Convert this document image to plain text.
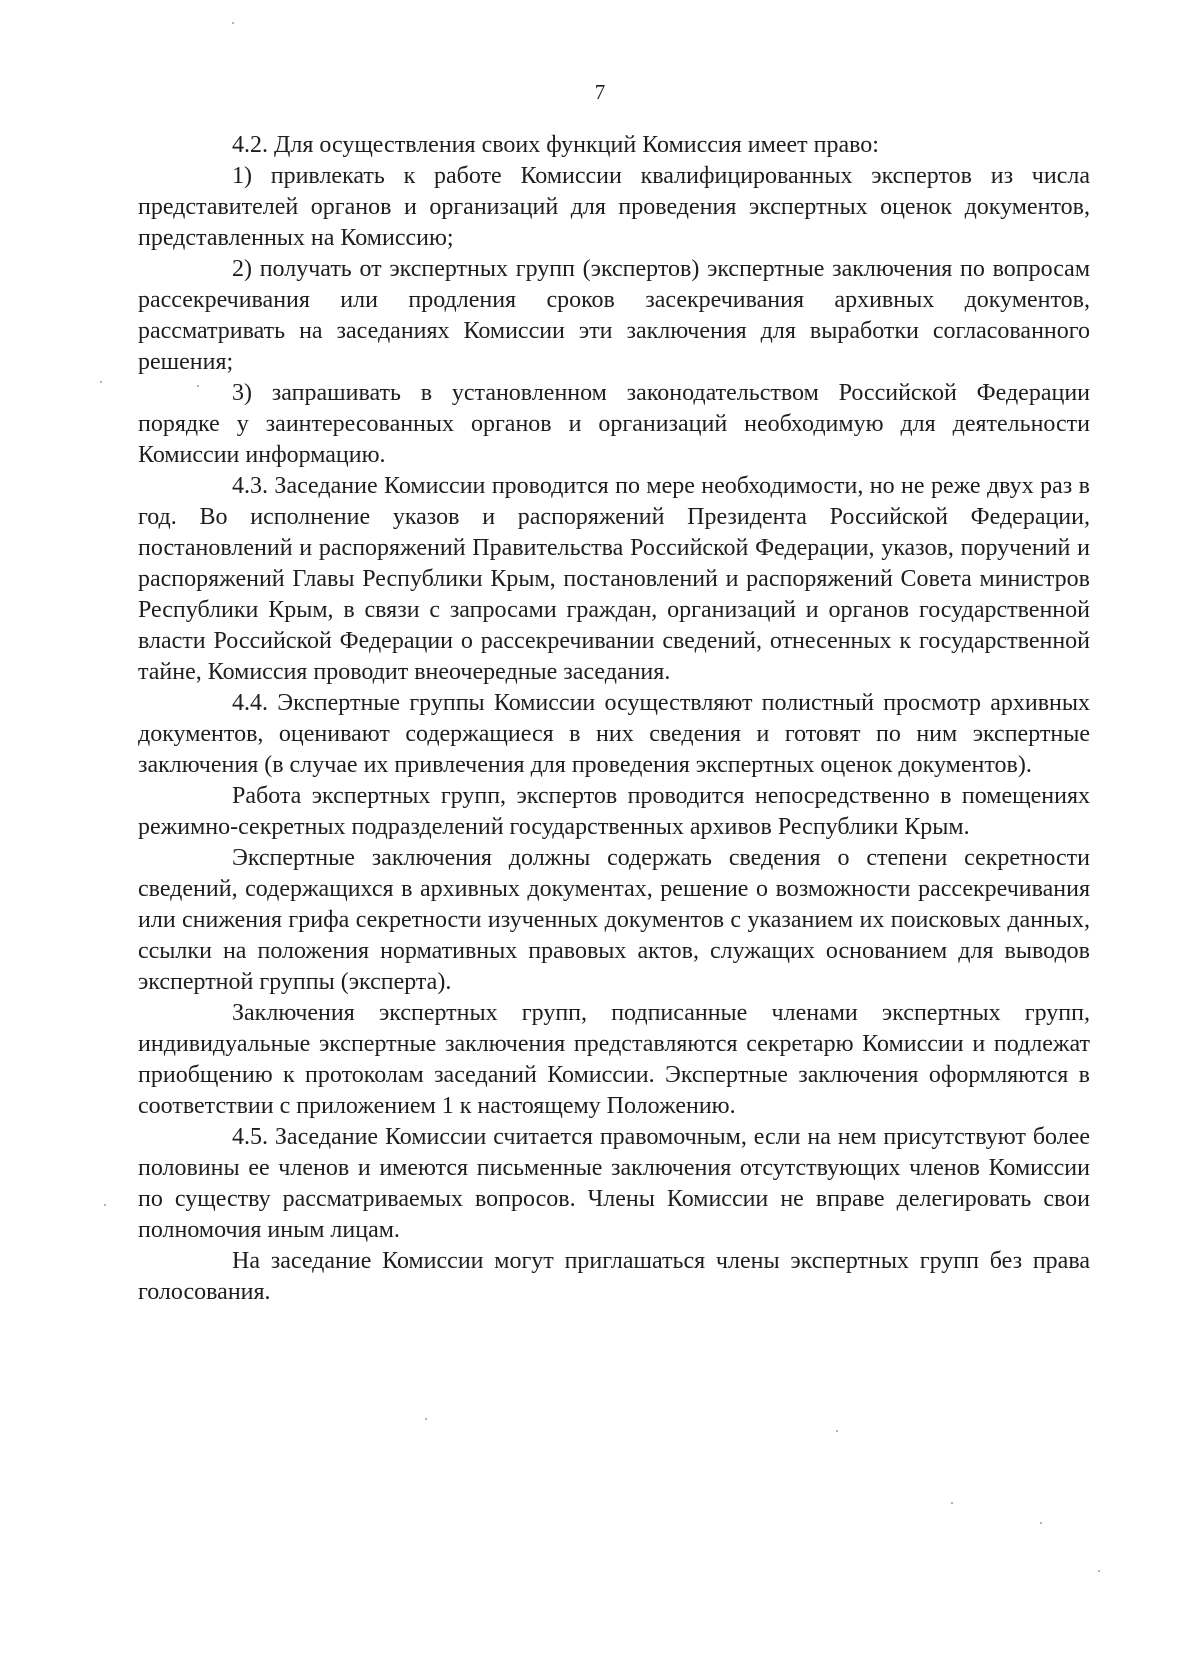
7

4.2. Для осуществления своих функций Комиссия имеет право:

1) привлекать к работе Комиссии квалифицированных экспертов из числа представителей органов и организаций для проведения экспертных оценок документов, представленных на Комиссию;

2) получать от экспертных групп (экспертов) экспертные заключения по вопросам рассекречивания или продления сроков засекречивания архивных документов, рассматривать на заседаниях Комиссии эти заключения для выработки согласованного решения;

3) запрашивать в установленном законодательством Российской Федерации порядке у заинтересованных органов и организаций необходимую для деятельности Комиссии информацию.

4.3. Заседание Комиссии проводится по мере необходимости, но не реже двух раз в год. Во исполнение указов и распоряжений Президента Российской Федерации, постановлений и распоряжений Правительства Российской Федерации, указов, поручений и распоряжений Главы Республики Крым, постановлений и распоряжений Совета министров Республики Крым, в связи с запросами граждан, организаций и органов государственной власти Российской Федерации о рассекречивании сведений, отнесенных к государственной тайне, Комиссия проводит внеочередные заседания.

4.4. Экспертные группы Комиссии осуществляют полистный просмотр архивных документов, оценивают содержащиеся в них сведения и готовят по ним экспертные заключения (в случае их привлечения для проведения экспертных оценок документов).

Работа экспертных групп, экспертов проводится непосредственно в помещениях режимно-секретных подразделений государственных архивов Республики Крым.

Экспертные заключения должны содержать сведения о степени секретности сведений, содержащихся в архивных документах, решение о возможности рассекречивания или снижения грифа секретности изученных документов с указанием их поисковых данных, ссылки на положения нормативных правовых актов, служащих основанием для выводов экспертной группы (эксперта).

Заключения экспертных групп, подписанные членами экспертных групп, индивидуальные экспертные заключения представляются секретарю Комиссии и подлежат приобщению к протоколам заседаний Комиссии. Экспертные заключения оформляются в соответствии с приложением 1 к настоящему Положению.

4.5. Заседание Комиссии считается правомочным, если на нем присутствуют более половины ее членов и имеются письменные заключения отсутствующих членов Комиссии по существу рассматриваемых вопросов. Члены Комиссии не вправе делегировать свои полномочия иным лицам.

На заседание Комиссии могут приглашаться члены экспертных групп без права голосования.
